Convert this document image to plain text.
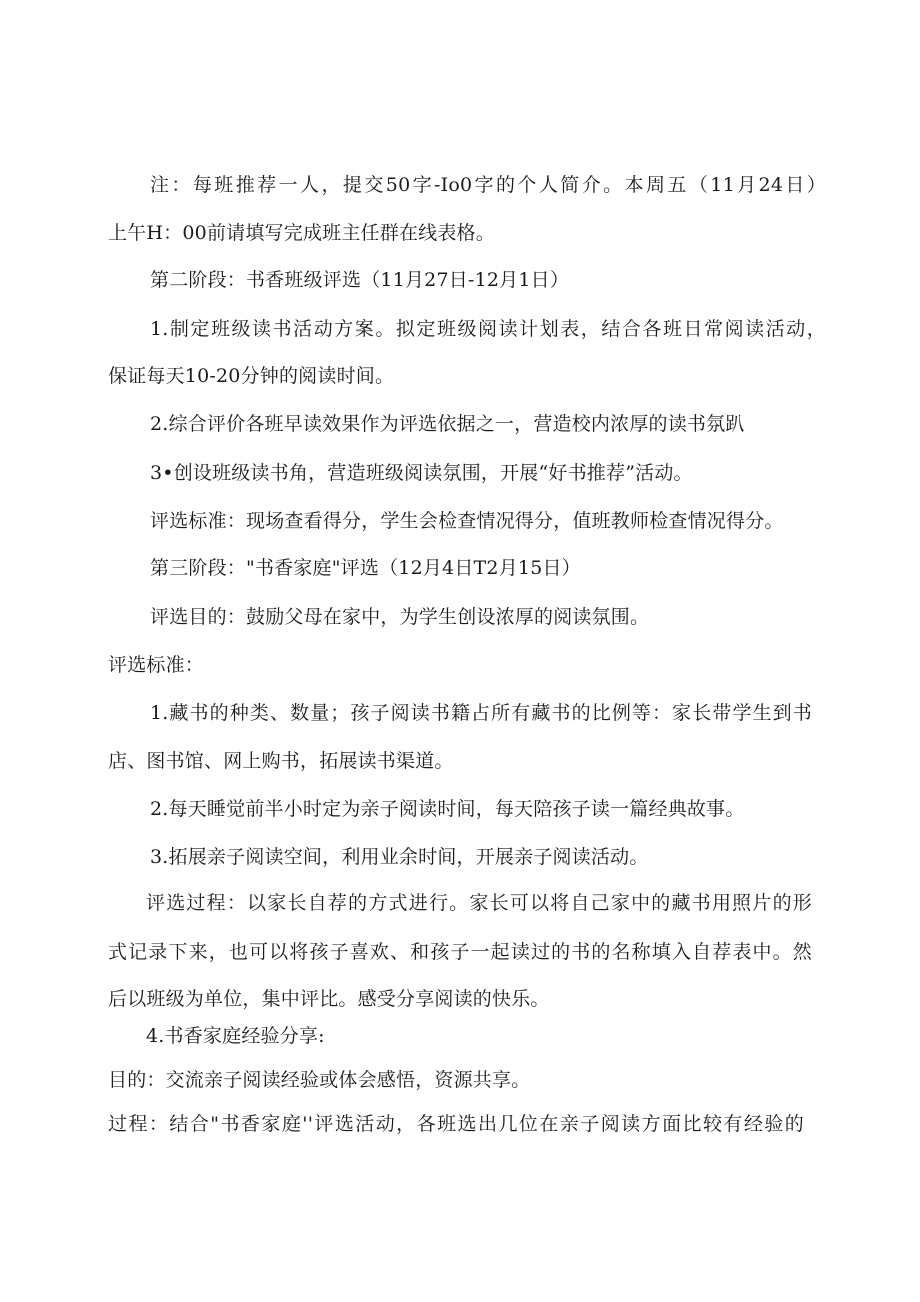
注：每班推荐一人，提交50字-Io0字的个人简介。本周五（11月24日）
上午H：00前请填写完成班主任群在线表格。
第二阶段：书香班级评选（11月27日-12月1日）
1.制定班级读书活动方案。拟定班级阅读计划表，结合各班日常阅读活动，
保证每天10-20分钟的阅读时间。
2.综合评价各班早读效果作为评选依据之一，营造校内浓厚的读书氛趴
3•创设班级读书角，营造班级阅读氛围，开展“好书推荐”活动。
评选标准：现场查看得分，学生会检查情况得分，值班教师检查情况得分。
第三阶段："书香家庭"评选（12月4日T2月15日）
评选目的：鼓励父母在家中，为学生创设浓厚的阅读氛围。
评选标准：
1.藏书的种类、数量；孩子阅读书籍占所有藏书的比例等：家长带学生到书
店、图书馆、网上购书，拓展读书渠道。
2.每天睡觉前半小时定为亲子阅读时间，每天陪孩子读一篇经典故事。
3.拓展亲子阅读空间，利用业余时间，开展亲子阅读活动。
评选过程：以家长自荐的方式进行。家长可以将自己家中的藏书用照片的形
式记录下来，也可以将孩子喜欢、和孩子一起读过的书的名称填入自荐表中。然
后以班级为单位，集中评比。感受分享阅读的快乐。
4.书香家庭经验分享:
目的：交流亲子阅读经验或体会感悟，资源共享。
过程：结合"书香家庭''评选活动，各班选出几位在亲子阅读方面比较有经验的
